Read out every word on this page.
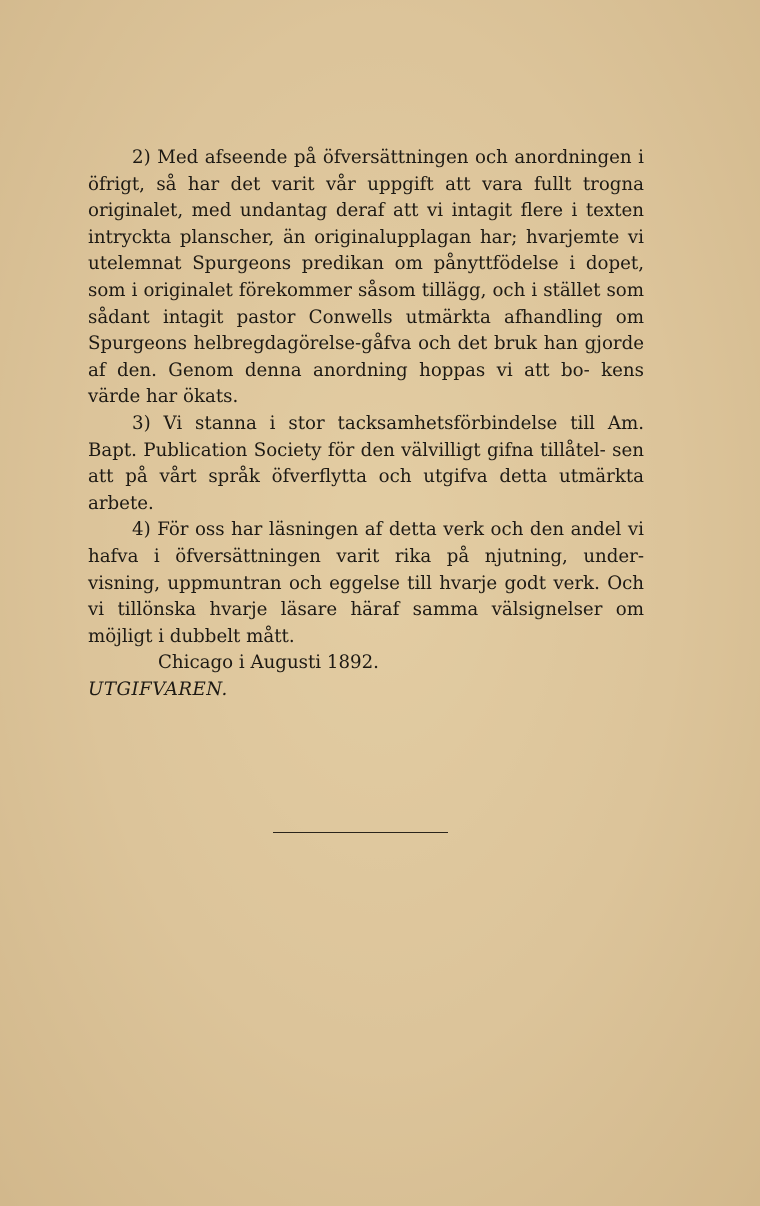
2) Med afseende på öfversättningen och anordningen i öfrigt, så har det varit vår uppgift att vara fullt trogna originalet, med undantag deraf att vi intagit flere i texten intryckta planscher, än originalupplagan har; hvarjemte vi utelemnat Spurgeons predikan om pånyttfödelse i dopet, som i originalet förekommer såsom tillägg, och i stället som sådant intagit pastor Conwells utmärkta afhandling om Spurgeons helbregdagörelse-gåfva och det bruk han gjorde af den. Genom denna anordning hoppas vi att bo- kens värde har ökats.

3) Vi stanna i stor tacksamhetsförbindelse till Am. Bapt. Publication Society för den välvilligt gifna tillåtel- sen att på vårt språk öfverflytta och utgifva detta utmärkta arbete.

4) För oss har läsningen af detta verk och den andel vi hafva i öfversättningen varit rika på njutning, under- visning, uppmuntran och eggelse till hvarje godt verk. Och vi tillönska hvarje läsare häraf samma välsignelser om möjligt i dubbelt mått.

Chicago i Augusti 1892.

UTGIFVAREN.
